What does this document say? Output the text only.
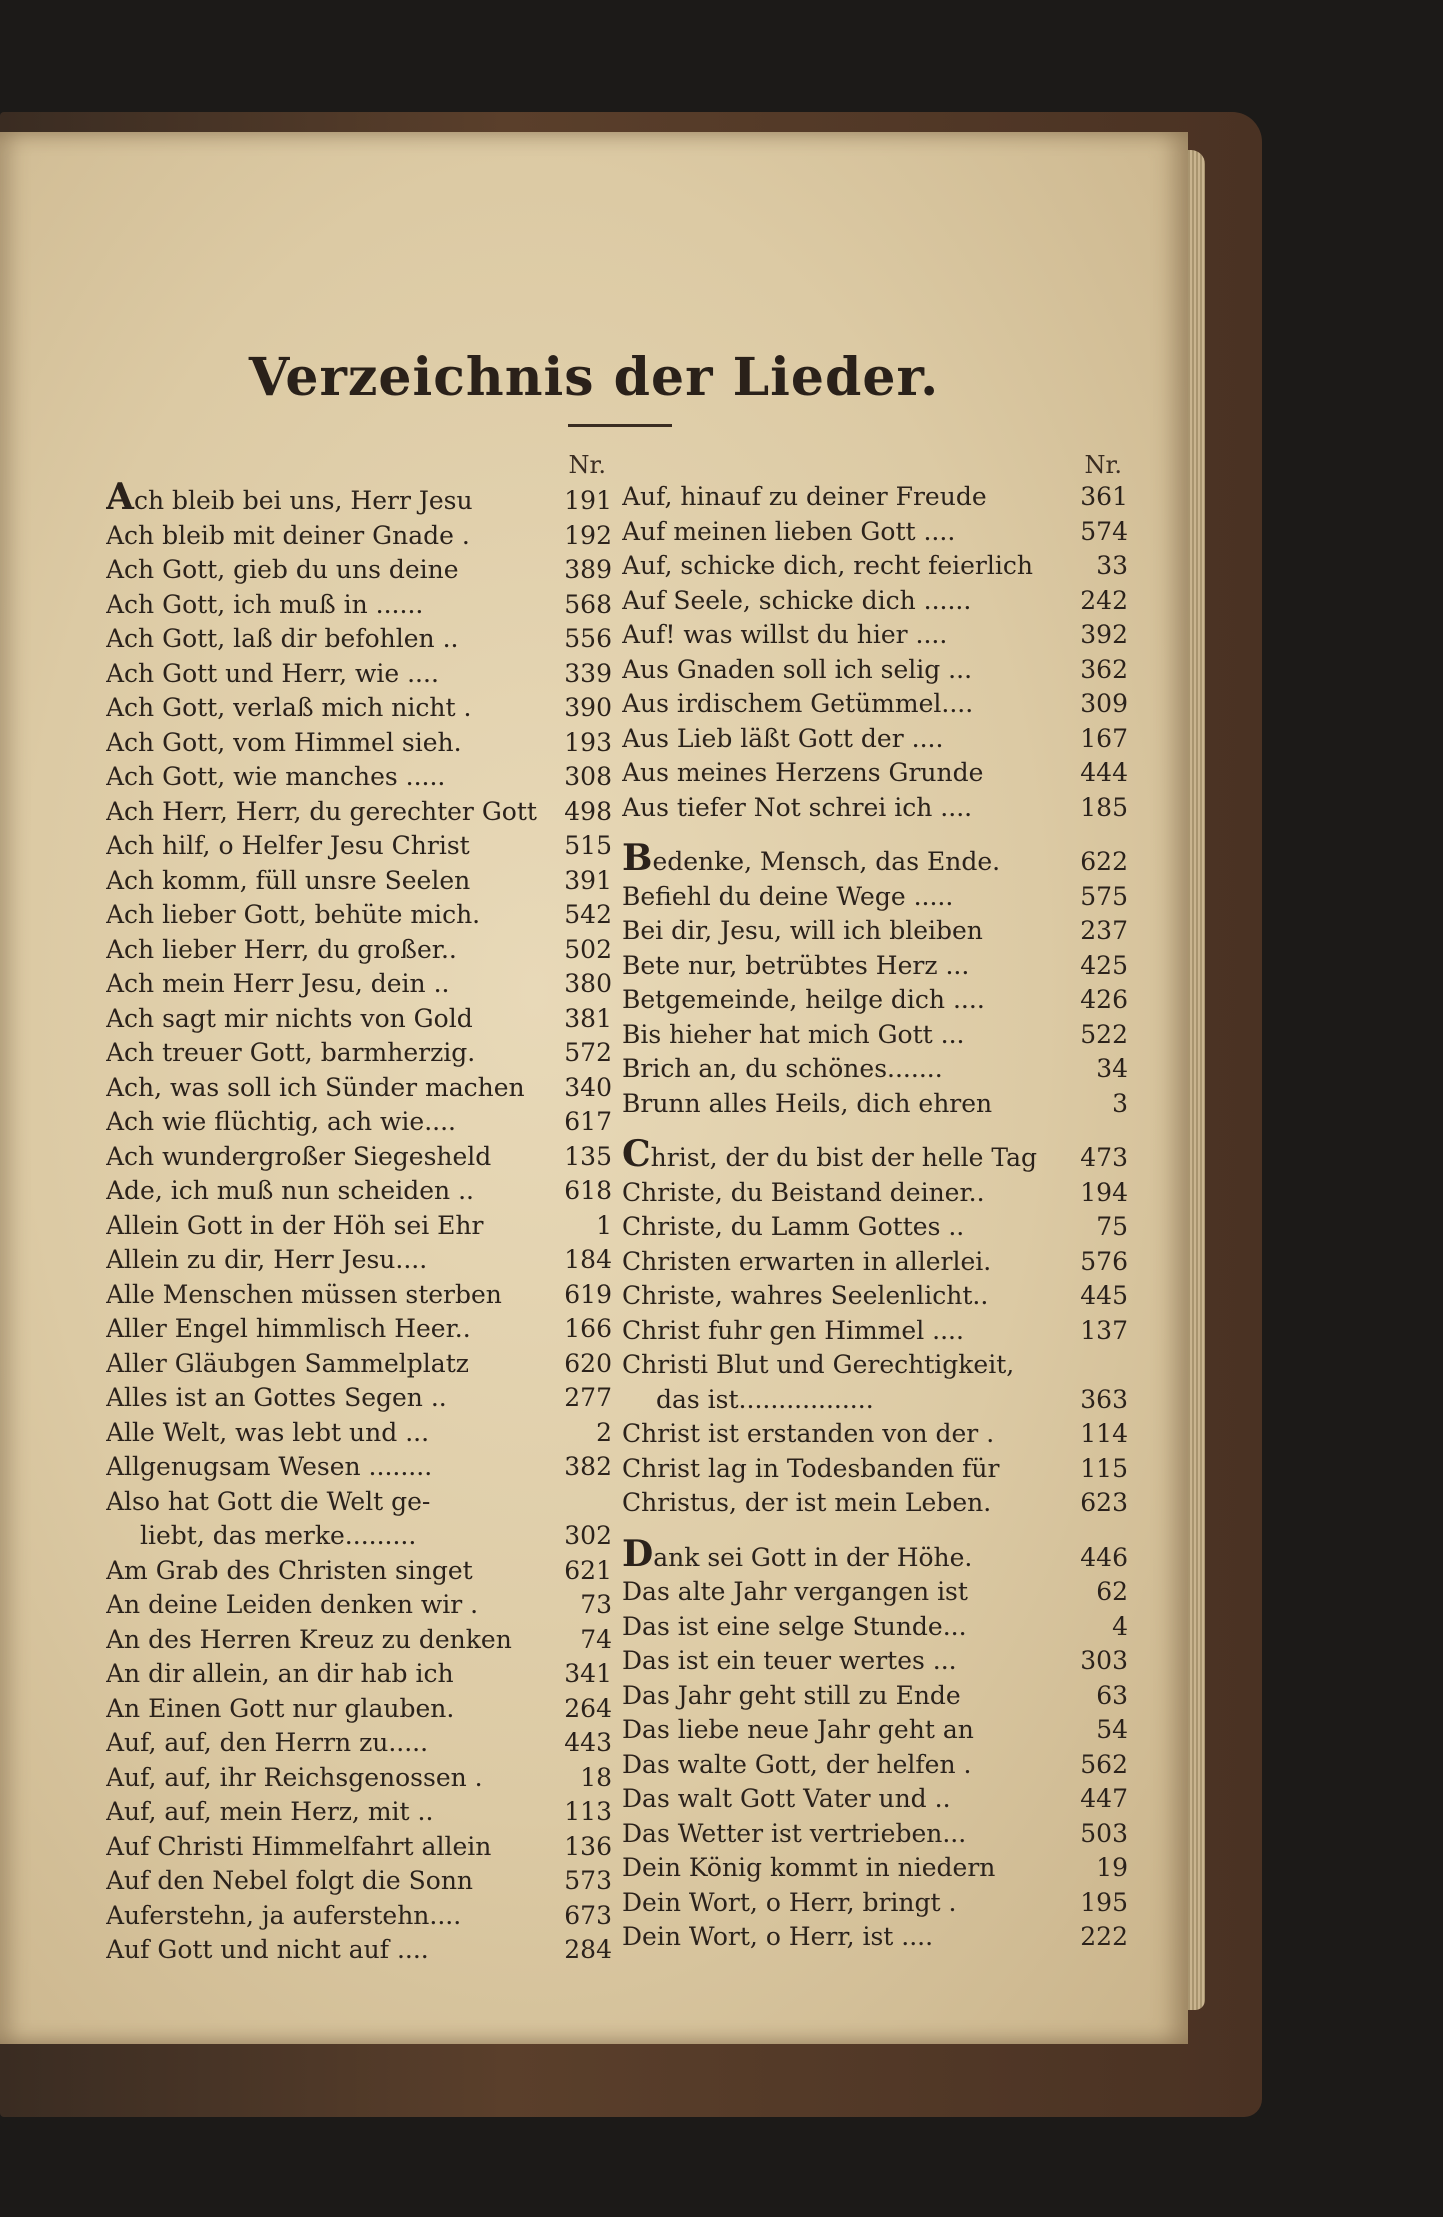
Verzeichnis der Lieder.
Nr.
Ach bleib bei uns, Herr Jesu	191
Ach bleib mit deiner Gnade .	192
Ach Gott, gieb du uns deine	389
Ach Gott, ich muß in ......	568
Ach Gott, laß dir befohlen ..	556
Ach Gott und Herr, wie ....	339
Ach Gott, verlaß mich nicht .	390
Ach Gott, vom Himmel sieh.	193
Ach Gott, wie manches .....	308
Ach Herr, Herr, du gerechter Gott	498
Ach hilf, o Helfer Jesu Christ	515
Ach komm, füll unsre Seelen	391
Ach lieber Gott, behüte mich.	542
Ach lieber Herr, du großer..	502
Ach mein Herr Jesu, dein ..	380
Ach sagt mir nichts von Gold	381
Ach treuer Gott, barmherzig.	572
Ach, was soll ich Sünder machen	340
Ach wie flüchtig, ach wie....	617
Ach wundergroßer Siegesheld	135
Ade, ich muß nun scheiden ..	618
Allein Gott in der Höh sei Ehr	1
Allein zu dir, Herr Jesu....	184
Alle Menschen müssen sterben	619
Aller Engel himmlisch Heer..	166
Aller Gläubgen Sammelplatz	620
Alles ist an Gottes Segen ..	277
Alle Welt, was lebt und ...	2
Allgenugsam Wesen ........	382
Also hat Gott die Welt ge-
liebt, das merke.........	302
Am Grab des Christen singet	621
An deine Leiden denken wir .	73
An des Herren Kreuz zu denken	74
An dir allein, an dir hab ich	341
An Einen Gott nur glauben.	264
Auf, auf, den Herrn zu.....	443
Auf, auf, ihr Reichsgenossen .	18
Auf, auf, mein Herz, mit ..	113
Auf Christi Himmelfahrt allein	136
Auf den Nebel folgt die Sonn	573
Auferstehn, ja auferstehn....	673
Auf Gott und nicht auf ....	284
Nr.
Auf, hinauf zu deiner Freude	361
Auf meinen lieben Gott ....	574
Auf, schicke dich, recht feierlich	33
Auf Seele, schicke dich ......	242
Auf! was willst du hier ....	392
Aus Gnaden soll ich selig ...	362
Aus irdischem Getümmel....	309
Aus Lieb läßt Gott der ....	167
Aus meines Herzens Grunde	444
Aus tiefer Not schrei ich ....	185
Bedenke, Mensch, das Ende.	622
Befiehl du deine Wege .....	575
Bei dir, Jesu, will ich bleiben	237
Bete nur, betrübtes Herz ...	425
Betgemeinde, heilge dich ....	426
Bis hieher hat mich Gott ...	522
Brich an, du schönes.......	34
Brunn alles Heils, dich ehren	3
Christ, der du bist der helle Tag	473
Christe, du Beistand deiner..	194
Christe, du Lamm Gottes ..	75
Christen erwarten in allerlei.	576
Christe, wahres Seelenlicht..	445
Christ fuhr gen Himmel ....	137
Christi Blut und Gerechtigkeit,
das ist.................	363
Christ ist erstanden von der .	114
Christ lag in Todesbanden für	115
Christus, der ist mein Leben.	623
Dank sei Gott in der Höhe.	446
Das alte Jahr vergangen ist	62
Das ist eine selge Stunde...	4
Das ist ein teuer wertes ...	303
Das Jahr geht still zu Ende	63
Das liebe neue Jahr geht an	54
Das walte Gott, der helfen .	562
Das walt Gott Vater und ..	447
Das Wetter ist vertrieben...	503
Dein König kommt in niedern	19
Dein Wort, o Herr, bringt .	195
Dein Wort, o Herr, ist ....	222
